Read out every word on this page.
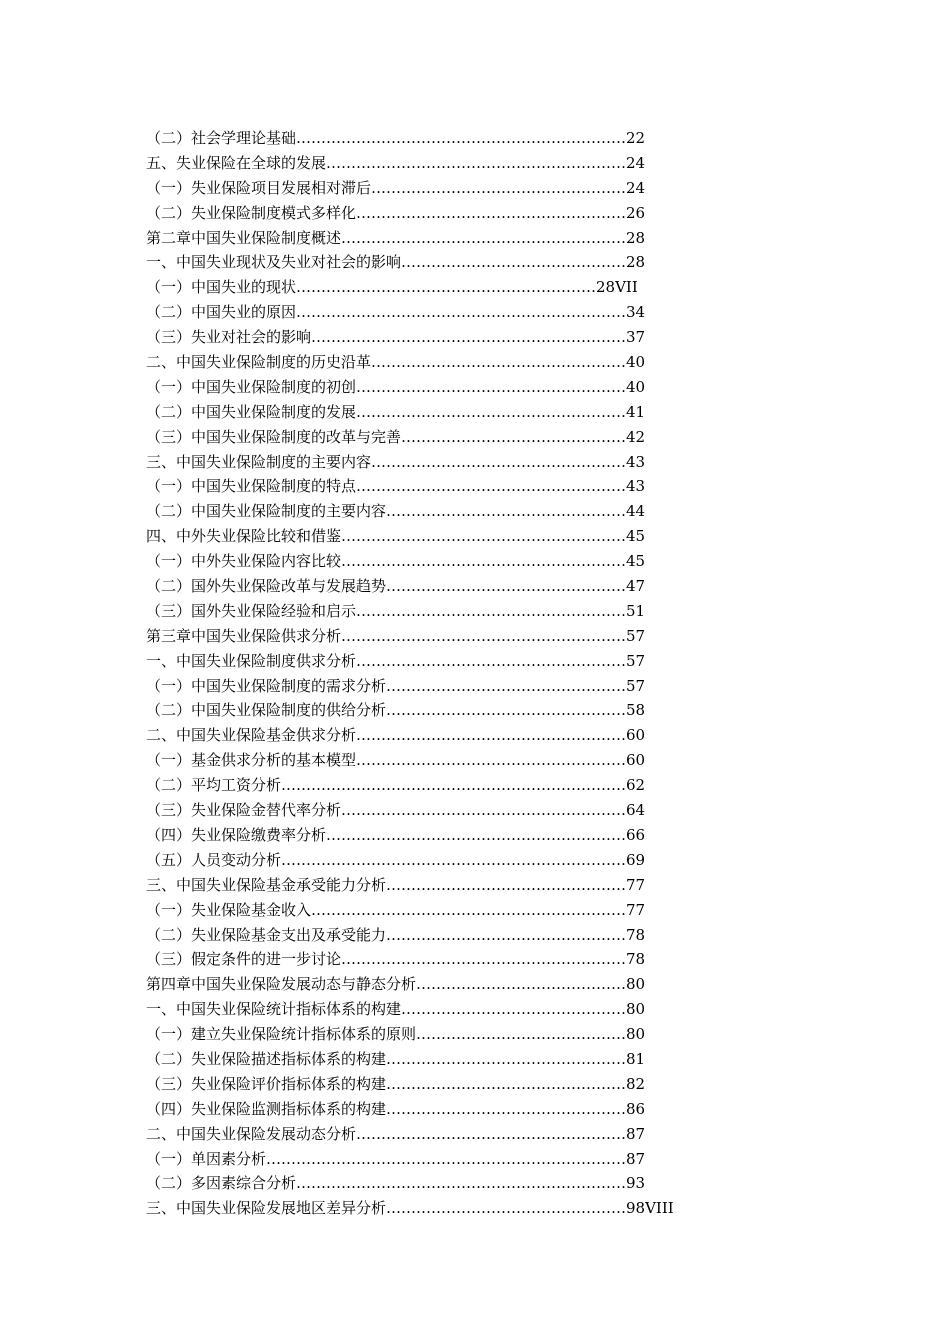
（二）社会学理论基础…………………………………………………………22
五、失业保险在全球的发展……………………………………………………24
（一）失业保险项目发展相对滞后……………………………………………24
（二）失业保险制度模式多样化………………………………………………26
第二章中国失业保险制度概述…………………………………………………28
一、中国失业现状及失业对社会的影响………………………………………28
（一）中国失业的现状……………………………………………………28VII
（二）中国失业的原因…………………………………………………………34
（三）失业对社会的影响………………………………………………………37
二、中国失业保险制度的历史沿革……………………………………………40
（一）中国失业保险制度的初创………………………………………………40
（二）中国失业保险制度的发展………………………………………………41
（三）中国失业保险制度的改革与完善………………………………………42
三、中国失业保险制度的主要内容……………………………………………43
（一）中国失业保险制度的特点………………………………………………43
（二）中国失业保险制度的主要内容…………………………………………44
四、中外失业保险比较和借鉴…………………………………………………45
（一）中外失业保险内容比较…………………………………………………45
（二）国外失业保险改革与发展趋势…………………………………………47
（三）国外失业保险经验和启示………………………………………………51
第三章中国失业保险供求分析…………………………………………………57
一、中国失业保险制度供求分析………………………………………………57
（一）中国失业保险制度的需求分析…………………………………………57
（二）中国失业保险制度的供给分析…………………………………………58
二、中国失业保险基金供求分析………………………………………………60
（一）基金供求分析的基本模型………………………………………………60
（二）平均工资分析……………………………………………………………62
（三）失业保险金替代率分析…………………………………………………64
（四）失业保险缴费率分析……………………………………………………66
（五）人员变动分析……………………………………………………………69
三、中国失业保险基金承受能力分析…………………………………………77
（一）失业保险基金收入………………………………………………………77
（二）失业保险基金支出及承受能力…………………………………………78
（三）假定条件的进一步讨论…………………………………………………78
第四章中国失业保险发展动态与静态分析……………………………………80
一、中国失业保险统计指标体系的构建………………………………………80
（一）建立失业保险统计指标体系的原则……………………………………80
（二）失业保险描述指标体系的构建…………………………………………81
（三）失业保险评价指标体系的构建…………………………………………82
（四）失业保险监测指标体系的构建…………………………………………86
二、中国失业保险发展动态分析………………………………………………87
（一）单因素分析………………………………………………………………87
（二）多因素综合分析…………………………………………………………93
三、中国失业保险发展地区差异分析…………………………………………98VIII
